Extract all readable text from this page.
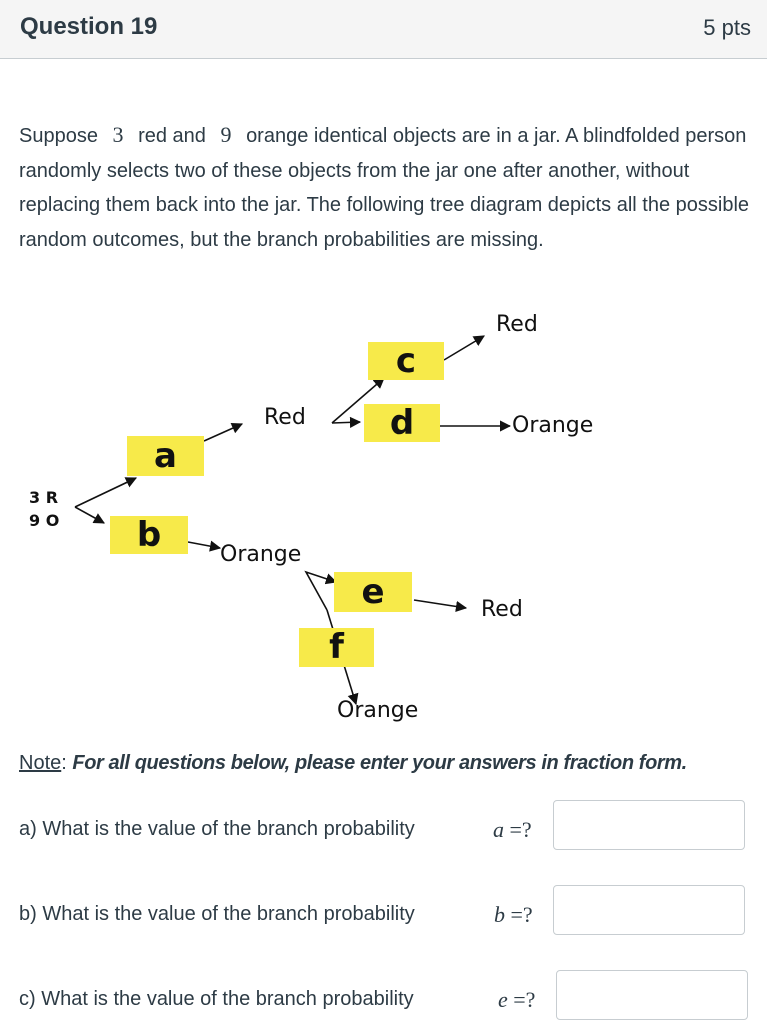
Question 19	5 pts
Suppose 3 red and 9 orange identical objects are in a jar. A blindfolded person randomly selects two of these objects from the jar one after another, without replacing them back into the jar. The following tree diagram depicts all the possible random outcomes, but the branch probabilities are missing.
3 R
9 O
a
b
c
d
e
f
Red
Orange
Red
Orange
Red
Orange
Note: For all questions below, please enter your answers in fraction form.
a) What is the value of the branch probability	a =?
b) What is the value of the branch probability	b =?
c) What is the value of the branch probability	e =?
